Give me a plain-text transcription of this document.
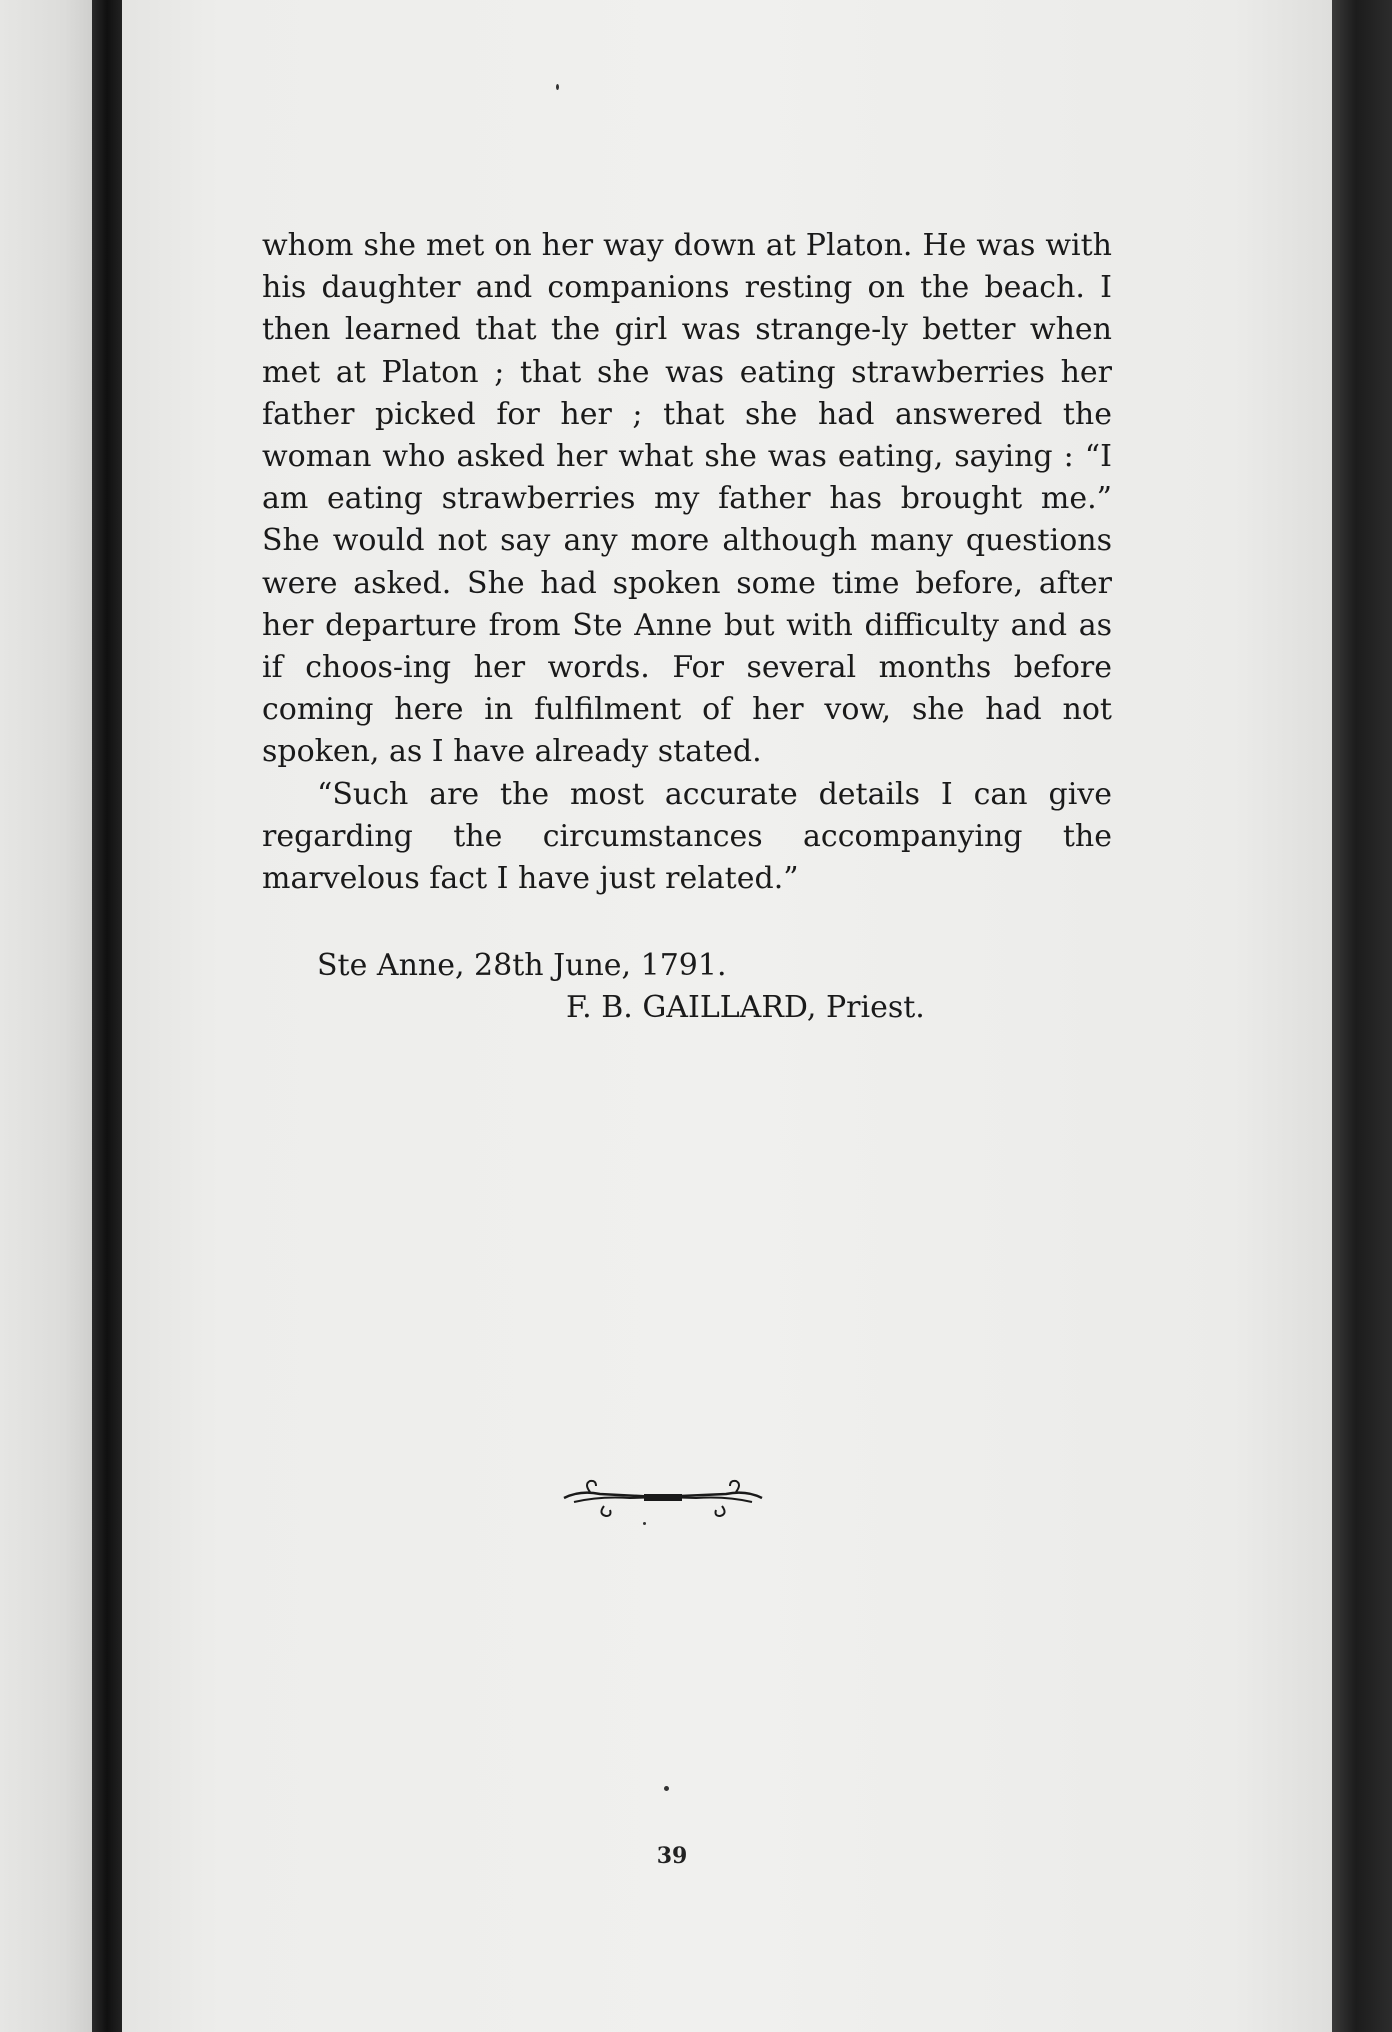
whom she met on her way down at Platon. He was with his daughter and companions resting on the beach. I then learned that the girl was strange-ly better when met at Platon ; that she was eating strawberries her father picked for her ; that she had answered the woman who asked her what she was eating, saying : “I am eating strawberries my father has brought me.” She would not say any more although many questions were asked. She had spoken some time before, after her departure from Ste Anne but with difficulty and as if choos-ing her words. For several months before coming here in fulfilment of her vow, she had not spoken, as I have already stated.

“Such are the most accurate details I can give regarding the circumstances accompanying the marvelous fact I have just related.”

Ste Anne, 28th June, 1791.
F. B. GAILLARD, Priest.
39
